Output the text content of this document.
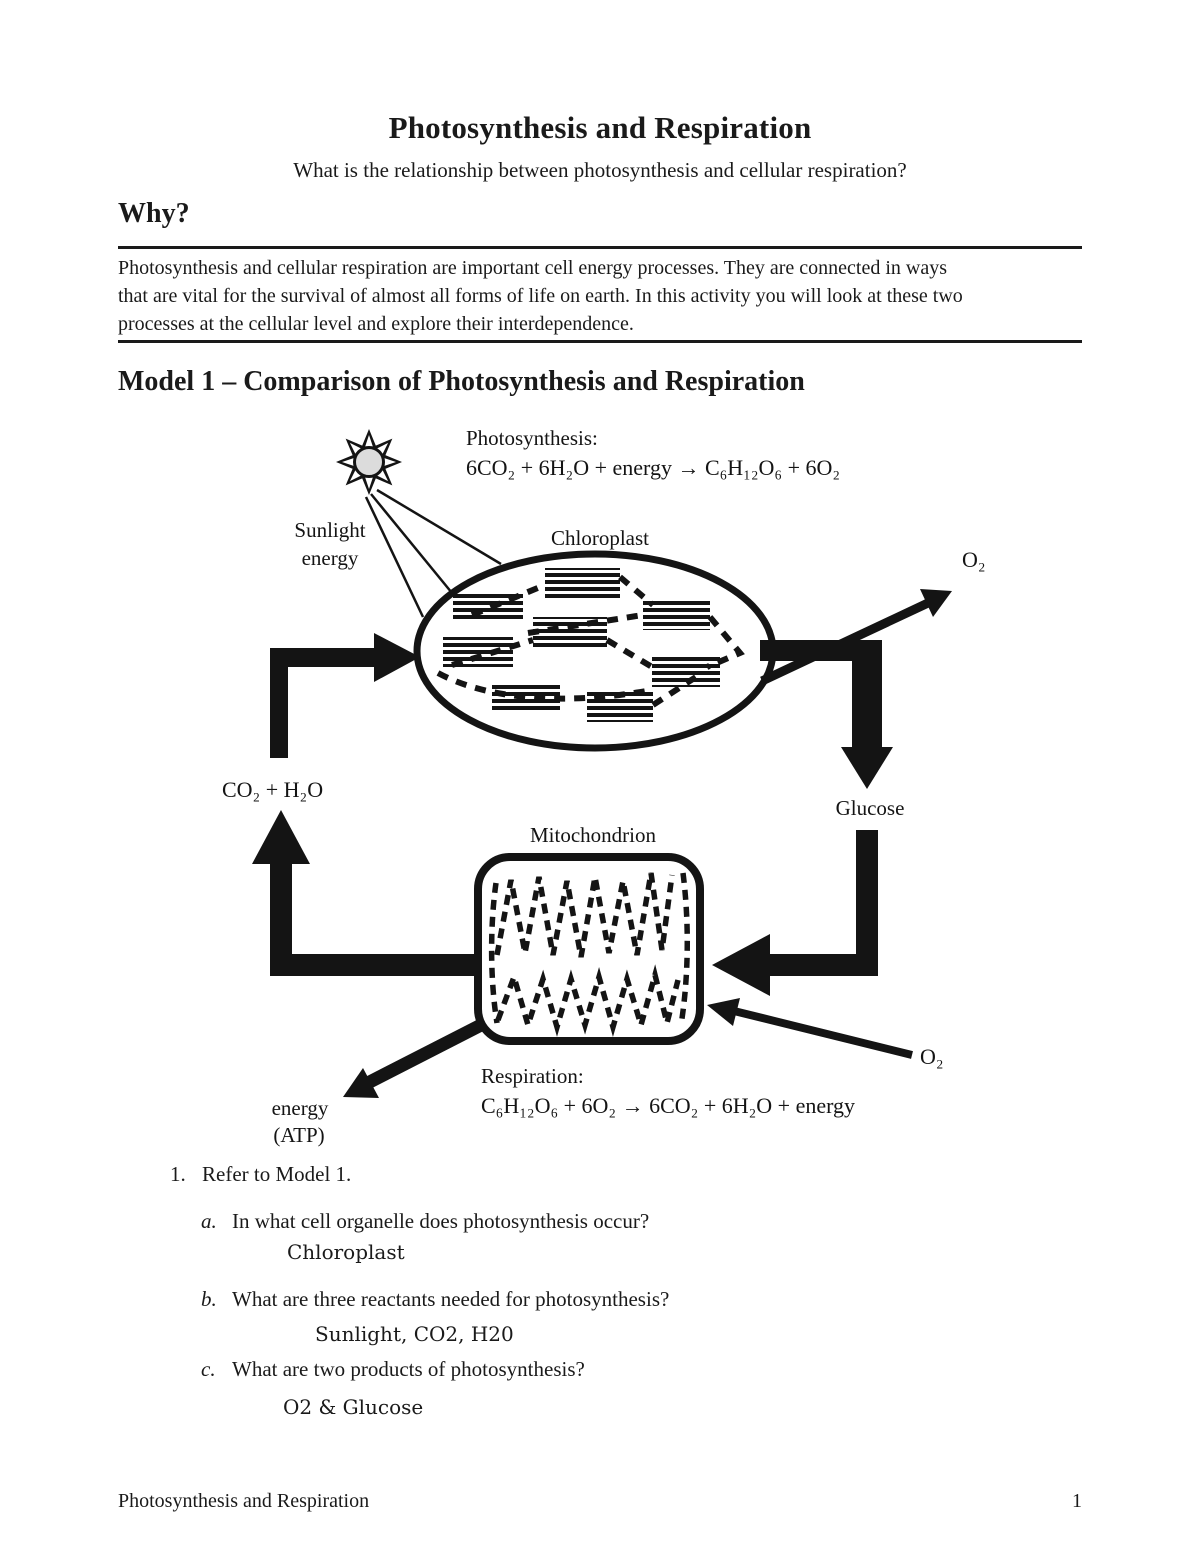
Photosynthesis and Respiration
What is the relationship between photosynthesis and cellular respiration?
Why?
Photosynthesis and cellular respiration are important cell energy processes. They are connected in ways
that are vital for the survival of almost all forms of life on earth. In this activity you will look at these two
processes at the cellular level and explore their interdependence.
Model 1 – Comparison of Photosynthesis and Respiration
Photosynthesis:
6CO₂ + 6H₂O + energy → C₆H₁₂O₆ + 6O₂
Sunlight
energy
Chloroplast
O₂
CO₂ + H₂O
Glucose
Mitochondrion
O₂
energy
(ATP)
Respiration:
C₆H₁₂O₆ + 6O₂ → 6CO₂ + 6H₂O + energy
1. Refer to Model 1.
a. In what cell organelle does photosynthesis occur?
Chloroplast
b. What are three reactants needed for photosynthesis?
Sunlight, CO2, H20
c. What are two products of photosynthesis?
O2 & Glucose
Photosynthesis and Respiration	1
